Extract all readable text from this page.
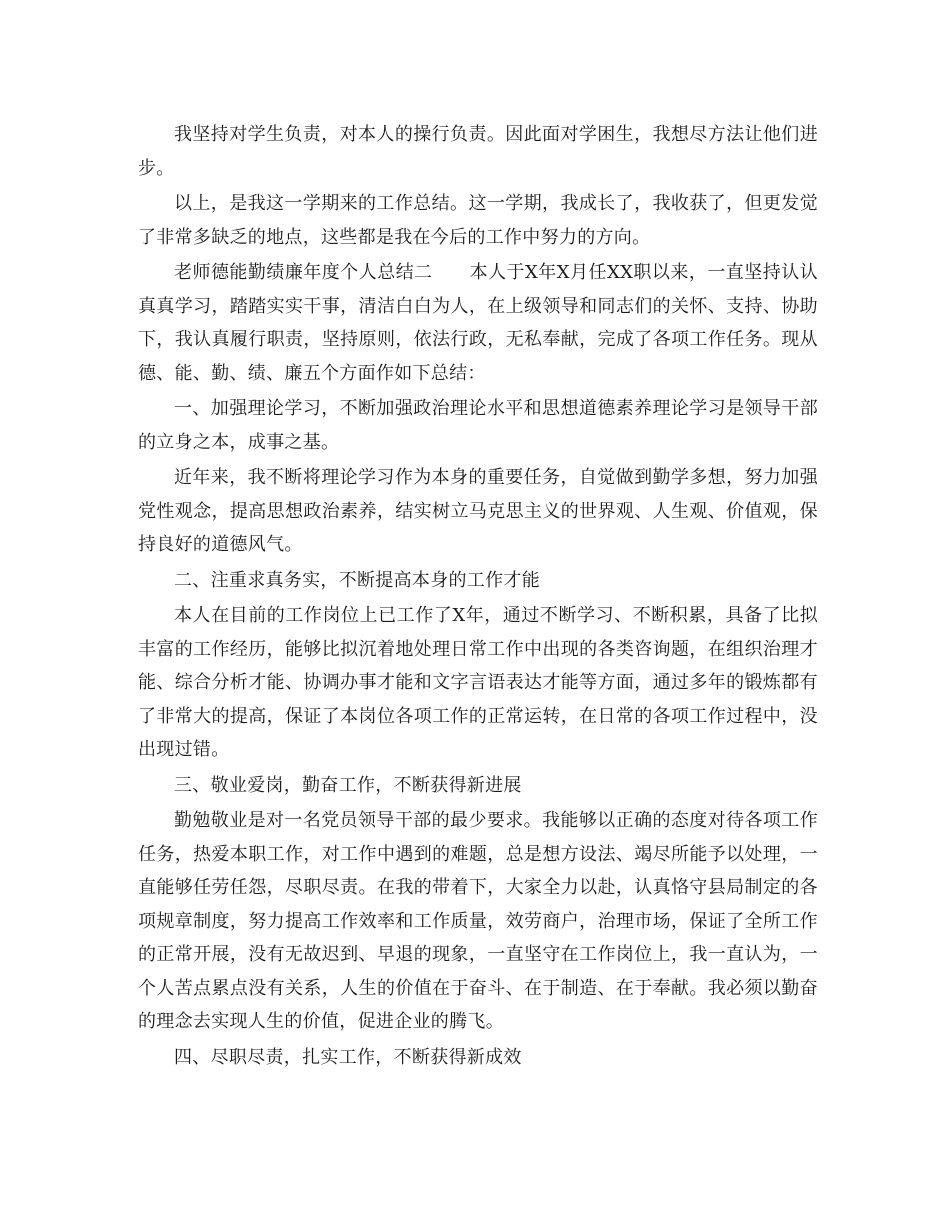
我坚持对学生负责，对本人的操行负责。因此面对学困生，我想尽方法让他们进步。

以上，是我这一学期来的工作总结。这一学期，我成长了，我收获了，但更发觉了非常多缺乏的地点，这些都是我在今后的工作中努力的方向。

老师德能勤绩廉年度个人总结二　　本人于X年X月任XX职以来，一直坚持认认真真学习，踏踏实实干事，清洁白白为人，在上级领导和同志们的关怀、支持、协助下，我认真履行职责，坚持原则，依法行政，无私奉献，完成了各项工作任务。现从德、能、勤、绩、廉五个方面作如下总结：

一、加强理论学习，不断加强政治理论水平和思想道德素养理论学习是领导干部的立身之本，成事之基。

近年来，我不断将理论学习作为本身的重要任务，自觉做到勤学多想，努力加强党性观念，提高思想政治素养，结实树立马克思主义的世界观、人生观、价值观，保持良好的道德风气。

二、注重求真务实，不断提高本身的工作才能

本人在目前的工作岗位上已工作了X年，通过不断学习、不断积累，具备了比拟丰富的工作经历，能够比拟沉着地处理日常工作中出现的各类咨询题，在组织治理才能、综合分析才能、协调办事才能和文字言语表达才能等方面，通过多年的锻炼都有了非常大的提高，保证了本岗位各项工作的正常运转，在日常的各项工作过程中，没出现过错。

三、敬业爱岗，勤奋工作，不断获得新进展

勤勉敬业是对一名党员领导干部的最少要求。我能够以正确的态度对待各项工作任务，热爱本职工作，对工作中遇到的难题，总是想方设法、竭尽所能予以处理，一直能够任劳任怨，尽职尽责。在我的带着下，大家全力以赴，认真恪守县局制定的各项规章制度，努力提高工作效率和工作质量，效劳商户，治理市场，保证了全所工作的正常开展，没有无故迟到、早退的现象，一直坚守在工作岗位上，我一直认为，一个人苦点累点没有关系，人生的价值在于奋斗、在于制造、在于奉献。我必须以勤奋的理念去实现人生的价值，促进企业的腾飞。

四、尽职尽责，扎实工作，不断获得新成效
